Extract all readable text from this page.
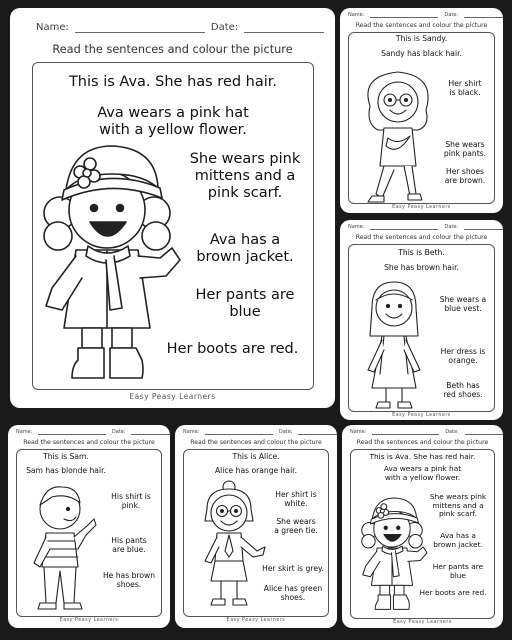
Name:	Date:
Read the sentences and colour the picture
This is Ava. She has red hair.
Ava wears a pink hat
with a yellow flower.
She wears pink
mittens and a
pink scarf.
Ava has a
brown jacket.
Her pants are
blue
Her boots are red.
Easy Peasy Learners
Name:	Date:
Read the sentences and colour the picture
This is Sandy.
Sandy has black hair.
Her shirt
is black.
She wears
pink pants.
Her shoes
are brown.
Easy Peasy Learners
Name:	Date:
Read the sentences and colour the picture
This is Beth.
She has brown hair.
She wears a
blue vest.
Her dress is
orange.
Beth has
red shoes.
Easy Peasy Learners
Name:	Date:
Read the sentences and colour the picture
This is Sam.
Sam has blonde hair.
His shirt is
pink.
His pants
are blue.
He has brown
shoes.
Easy Peasy Learners
Name:	Date:
Read the sentences and colour the picture
This is Alice.
Alice has orange hair.
Her shirt is
white.
She wears
a green tie.
Her skirt is grey.
Alice has green
shoes.
Easy Peasy Learners
Name:	Date:
Read the sentences and colour the picture
This is Ava. She has red hair.
Ava wears a pink hat
with a yellow flower.
She wears pink
mittens and a
pink scarf.
Ava has a
brown jacket.
Her pants are
blue
Her boots are red.
Easy Peasy Learners
